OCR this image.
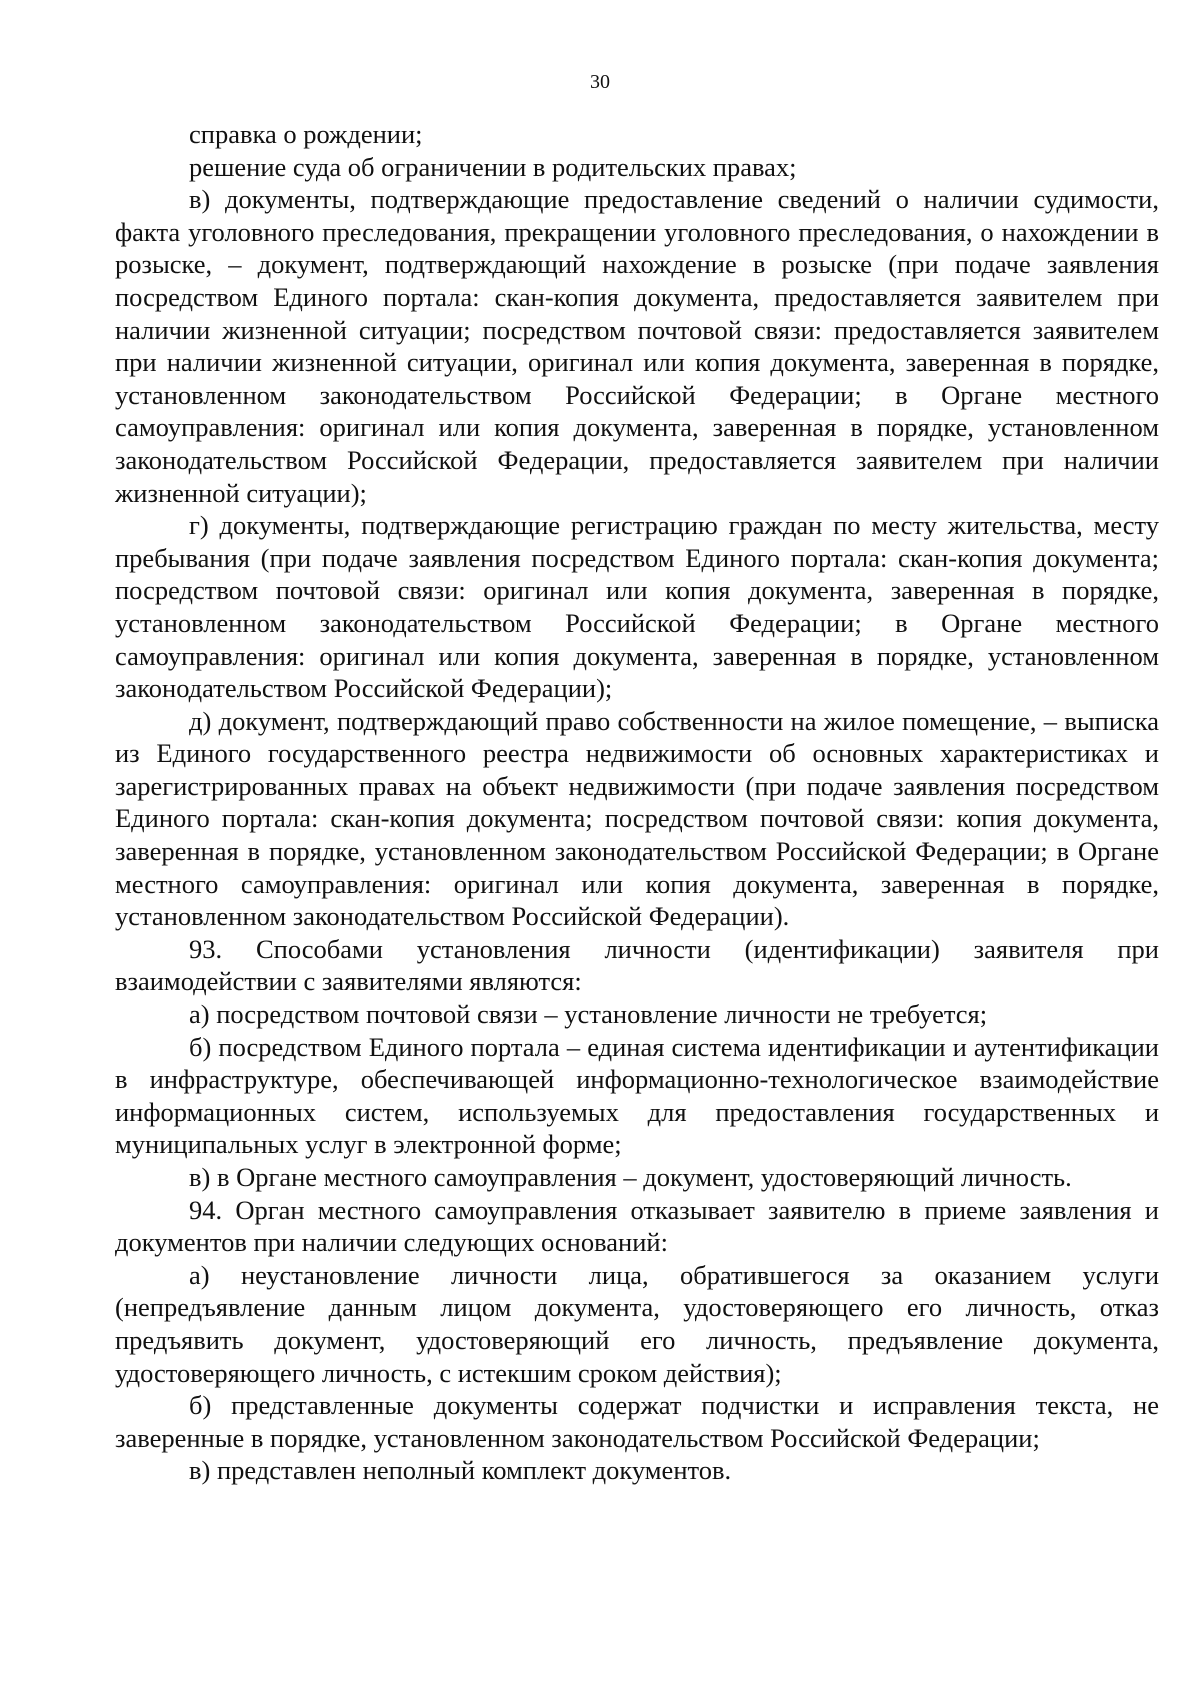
30

справка о рождении;

решение суда об ограничении в родительских правах;

в) документы, подтверждающие предоставление сведений о наличии судимости, факта уголовного преследования, прекращении уголовного преследования, о нахождении в розыске, – документ, подтверждающий нахождение в розыске (при подаче заявления посредством Единого портала: скан-копия документа, предоставляется заявителем при наличии жизненной ситуации; посредством почтовой связи: предоставляется заявителем при наличии жизненной ситуации, оригинал или копия документа, заверенная в порядке, установленном законодательством Российской Федерации; в Органе местного самоуправления: оригинал или копия документа, заверенная в порядке, установленном законодательством Российской Федерации, предоставляется заявителем при наличии жизненной ситуации);

г) документы, подтверждающие регистрацию граждан по месту жительства, месту пребывания (при подаче заявления посредством Единого портала: скан-копия документа; посредством почтовой связи: оригинал или копия документа, заверенная в порядке, установленном законодательством Российской Федерации; в Органе местного самоуправления: оригинал или копия документа, заверенная в порядке, установленном законодательством Российской Федерации);

д) документ, подтверждающий право собственности на жилое помещение, – выписка из Единого государственного реестра недвижимости об основных характеристиках и зарегистрированных правах на объект недвижимости (при подаче заявления посредством Единого портала: скан-копия документа; посредством почтовой связи: копия документа, заверенная в порядке, установленном законодательством Российской Федерации; в Органе местного самоуправления: оригинал или копия документа, заверенная в порядке, установленном законодательством Российской Федерации).

93. Способами установления личности (идентификации) заявителя при взаимодействии с заявителями являются:

а) посредством почтовой связи – установление личности не требуется;

б) посредством Единого портала – единая система идентификации и аутентификации в инфраструктуре, обеспечивающей информационно-технологическое взаимодействие информационных систем, используемых для предоставления государственных и муниципальных услуг в электронной форме;

в) в Органе местного самоуправления – документ, удостоверяющий личность.

94. Орган местного самоуправления отказывает заявителю в приеме заявления и документов при наличии следующих оснований:

а) неустановление личности лица, обратившегося за оказанием услуги (непредъявление данным лицом документа, удостоверяющего его личность, отказ предъявить документ, удостоверяющий его личность, предъявление документа, удостоверяющего личность, с истекшим сроком действия);

б) представленные документы содержат подчистки и исправления текста, не заверенные в порядке, установленном законодательством Российской Федерации;

в) представлен неполный комплект документов.
